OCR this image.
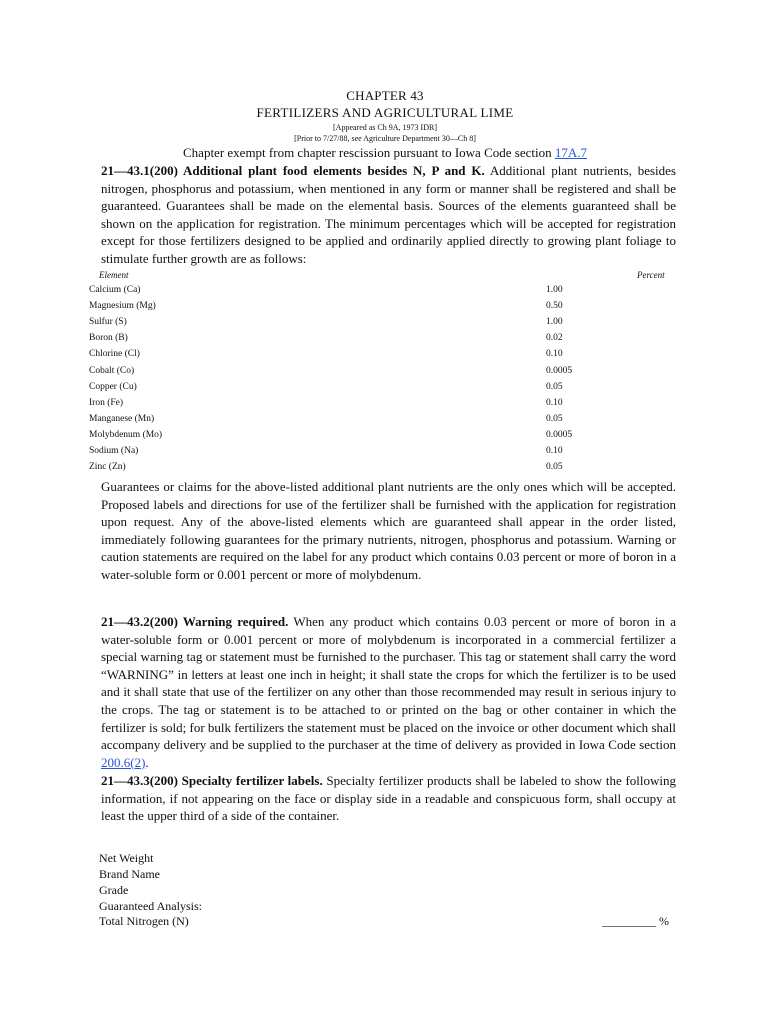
CHAPTER 43
FERTILIZERS AND AGRICULTURAL LIME
[Appeared as Ch 9A, 1973 IDR]
[Prior to 7/27/88, see Agriculture Department 30—Ch 8]
Chapter exempt from chapter rescission pursuant to Iowa Code section 17A.7

21—43.1(200) Additional plant food elements besides N, P and K. Additional plant nutrients, besides nitrogen, phosphorus and potassium, when mentioned in any form or manner shall be registered and shall be guaranteed. Guarantees shall be made on the elemental basis. Sources of the elements guaranteed shall be shown on the application for registration. The minimum percentages which will be accepted for registration except for those fertilizers designed to be applied and ordinarily applied directly to growing plant foliage to stimulate further growth are as follows:

Element	Percent
Calcium (Ca)	1.00
Magnesium (Mg)	0.50
Sulfur (S)	1.00
Boron (B)	0.02
Chlorine (Cl)	0.10
Cobalt (Co)	0.0005
Copper (Cu)	0.05
Iron (Fe)	0.10
Manganese (Mn)	0.05
Molybdenum (Mo)	0.0005
Sodium (Na)	0.10
Zinc (Zn)	0.05

Guarantees or claims for the above-listed additional plant nutrients are the only ones which will be accepted. Proposed labels and directions for use of the fertilizer shall be furnished with the application for registration upon request. Any of the above-listed elements which are guaranteed shall appear in the order listed, immediately following guarantees for the primary nutrients, nitrogen, phosphorus and potassium. Warning or caution statements are required on the label for any product which contains 0.03 percent or more of boron in a water-soluble form or 0.001 percent or more of molybdenum.

21—43.2(200) Warning required. When any product which contains 0.03 percent or more of boron in a water-soluble form or 0.001 percent or more of molybdenum is incorporated in a commercial fertilizer a special warning tag or statement must be furnished to the purchaser. This tag or statement shall carry the word “WARNING” in letters at least one inch in height; it shall state the crops for which the fertilizer is to be used and it shall state that use of the fertilizer on any other than those recommended may result in serious injury to the crops. The tag or statement is to be attached to or printed on the bag or other container in which the fertilizer is sold; for bulk fertilizers the statement must be placed on the invoice or other document which shall accompany delivery and be supplied to the purchaser at the time of delivery as provided in Iowa Code section 200.6(2).

21—43.3(200) Specialty fertilizer labels. Specialty fertilizer products shall be labeled to show the following information, if not appearing on the face or display side in a readable and conspicuous form, shall occupy at least the upper third of a side of the container.

Net Weight
Brand Name
Grade
Guaranteed Analysis:
Total Nitrogen (N)	_________ %
